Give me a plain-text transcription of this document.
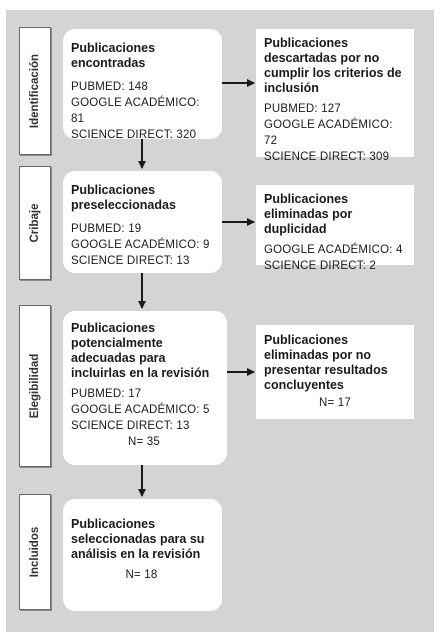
Identificación
Cribaje
Elegibilidad
Incluidos
Publicaciones encontradas
PUBMED: 148
GOOGLE ACADÉMICO: 81
SCIENCE DIRECT: 320
Publicaciones preseleccionadas
PUBMED: 19
GOOGLE ACADÉMICO: 9
SCIENCE DIRECT: 13
Publicaciones potencialmente adecuadas para incluirlas en la revisión
PUBMED: 17
GOOGLE ACADÉMICO: 5
SCIENCE DIRECT: 13
N= 35
Publicaciones seleccionadas para su análisis en la revisión
N= 18
Publicaciones descartadas por no cumplir los criterios de inclusión
PUBMED: 127
GOOGLE ACADÉMICO: 72
SCIENCE DIRECT: 309
Publicaciones eliminadas por duplicidad
GOOGLE ACADÉMICO: 4
SCIENCE DIRECT: 2
Publicaciones eliminadas por no presentar resultados concluyentes
N= 17
